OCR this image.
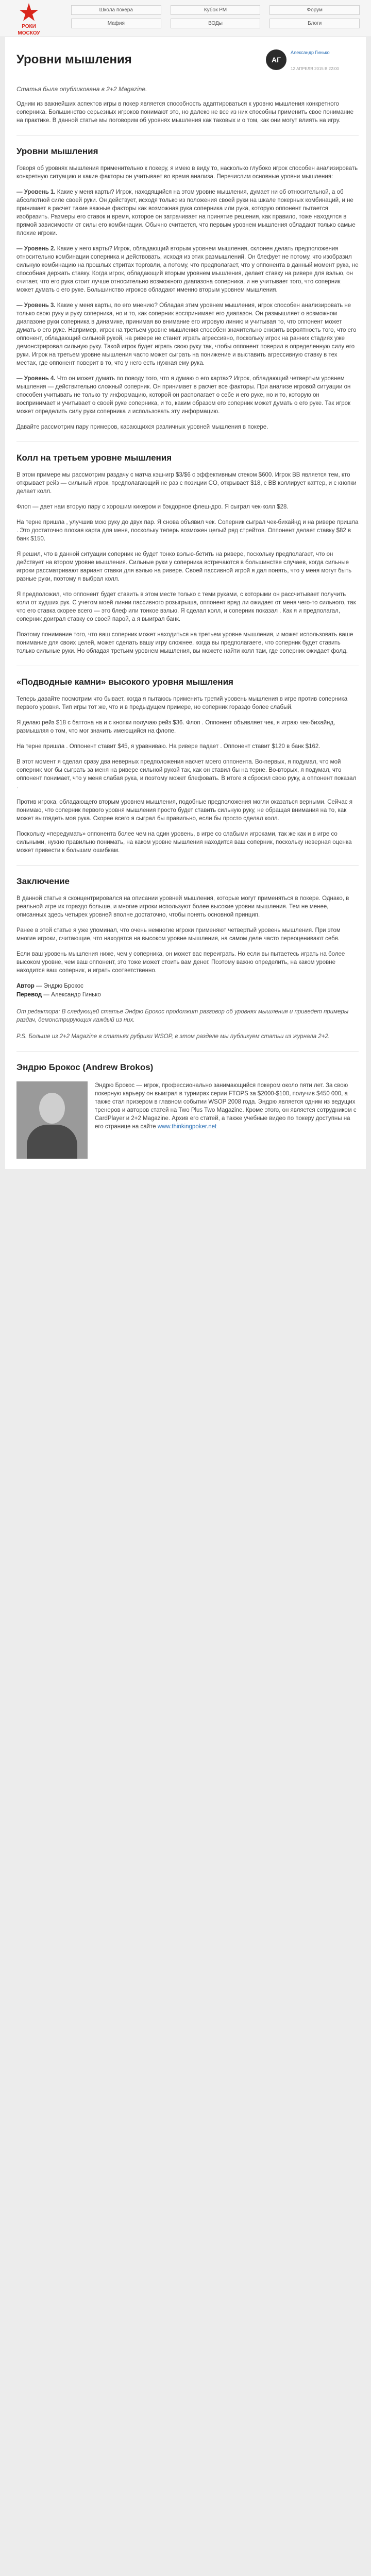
РОКИ
МОСКОУ
Школа покера	Кубок РМ	Форум
Мафия	ВОДы	Блоги
Уровни мышления	АГ
Александр Гинько
12 АПРЕЛЯ 2015 В 22:00
Статья была опубликована в 2+2 Magazine.

Одним из важнейших аспектов игры в покер является способность адаптироваться к уровню мышления конкретного соперника. Большинство серьезных игроков понимают это, но далеко не все из них способны применить свое понимание на практике. В данной статье мы поговорим об уровнях мышления как таковых и о том, как они могут влиять на игру.

Уровни мышления

Говоря об уровнях мышления применительно к покеру, я имею в виду то, насколько глубоко игрок способен анализировать конкретную ситуацию и какие факторы он учитывает во время анализа. Перечислим основные уровни мышления:

— Уровень 1. Какие у меня карты? Игрок, находящийся на этом уровне мышления, думает ни об относительной, а об абсолютной силе своей руки. Он действует, исходя только из положения своей руки на шкале покерных комбинаций, и не принимает в расчет такие важные факторы как возможная рука соперника или рука, которую оппонент пытается изобразить. Размеры его ставок и время, которое он затрачивает на принятие решения, как правило, тоже находятся в прямой зависимости от силы его комбинации. Обычно считается, что первым уровнем мышления обладают только самые плохие игроки.

— Уровень 2. Какие у него карты? Игрок, обладающий вторым уровнем мышления, склонен делать предположения относительно комбинации соперника и действовать, исходя из этих размышлений. Он блефует не потому, что изобразил сильную комбинацию на прошлых стритах торговли, а потому, что предполагает, что у оппонента в данный момент рука, не способная держать ставку. Когда игрок, обладающий вторым уровнем мышления, делает ставку на ривере для вэлью, он считает, что его рука стоит лучше относительно возможного диапазона соперника, и не учитывает того, что соперник может думать о его руке. Большинство игроков обладают именно вторым уровнем мышления.

— Уровень 3. Какие у меня карты, по его мнению? Обладая этим уровнем мышления, игрок способен анализировать не только свою руку и руку соперника, но и то, как соперник воспринимает его диапазон. Он размышляет о возможном диапазоне руки соперника в динамике, принимая во внимание его игровую линию и учитывая то, что оппонент может думать о его руке. Например, игрок на третьем уровне мышления способен значительно снизить вероятность того, что его оппонент, обладающий сильной рукой, на ривере не станет играть агрессивно, поскольку игрок на ранних стадиях уже демонстрировал сильную руку. Такой игрок будет играть свою руку так, чтобы оппонент поверил в определенную силу его руки. Игрок на третьем уровне мышления часто может сыграть на понижение и выставить агрессивную ставку в тех местах, где оппонент поверит в то, что у него есть нужная ему рука.

— Уровень 4. Что он может думать по поводу того, что я думаю о его картах? Игрок, обладающий четвертым уровнем мышления — действительно сложный соперник. Он принимает в расчет все факторы. При анализе игровой ситуации он способен учитывать не только ту информацию, которой он располагает о себе и его руке, но и то, которую он воспринимает и учитывает о своей руке соперника, и то, каким образом его соперник может думать о его руке. Так игрок может определить силу руки соперника и использовать эту информацию.

Давайте рассмотрим пару примеров, касающихся различных уровней мышления в покере.

Колл на третьем уровне мышления

В этом примере мы рассмотрим раздачу с матча кэш-игр $3/$6 с эффективным стеком $600. Игрок BB является тем, кто открывает рейз — сильный игрок, предполагающий не раз с позиции CO, открывает $18, с BB коллирует каттер, и с кнопки делает колл.

Флоп — дает нам вторую пару с хорошим кикером и бэкдорное флеш-дро. Я сыграл чек-колл $28.

На терне пришла , улучшив мою руку до двух пар. Я снова объявил чек. Соперник сыграл чек-бихайнд и на ривере пришла . Это достаточно плохая карта для меня, поскольку теперь возможен целый ряд стрейтов. Оппонент делает ставку $82 в банк $150.

Я решил, что в данной ситуации соперник не будет тонко вэлью-бетить на ривере, поскольку предполагает, что он действует на втором уровне мышления. Сильные руки у соперника встречаются в большинстве случаев, когда сильные игроки рассматривают вариант ставки для вэлью на ривере. Своей пассивной игрой я дал понять, что у меня могут быть разные руки, поэтому я выбрал колл.

Я предположил, что оппонент будет ставить в этом месте только с теми руками, с которыми он рассчитывает получить колл от худших рук. С учетом моей линии пассивного розыгрыша, оппонент вряд ли ожидает от меня чего-то сильного, так что его ставка скорее всего — это блеф или тонкое вэлью. Я сделал колл, и соперник показал . Как я и предполагал, соперник доиграл ставку со своей парой, а я выиграл банк.

Поэтому понимание того, что ваш соперник может находиться на третьем уровне мышления, и может использовать ваше понимание для своих целей, может сделать вашу игру сложнее, когда вы предполагаете, что соперник будет ставить только сильные руки. Но обладая третьим уровнем мышления, вы можете найти колл там, где соперник ожидает фолд.

«Подводные камни» высокого уровня мышления

Теперь давайте посмотрим что бывает, когда я пытаюсь применить третий уровень мышления в игре против соперника первого уровня. Тип игры тот же, что и в предыдущем примере, но соперник гораздо более слабый.

Я делаю рейз $18 с баттона на и с кнопки получаю рейз $36. Флоп . Оппонент объявляет чек, я играю чек-бихайнд, размышляя о том, что мог значить имеющийся на флопе.

На терне пришла . Оппонент ставит $45, я уравниваю. На ривере падает . Оппонент ставит $120 в банк $162.

В этот момент я сделал сразу два неверных предположения насчет моего оппонента. Во-первых, я подумал, что мой соперник мог бы сыграть за меня на ривере сильной рукой так, как он ставил бы на терне. Во-вторых, я подумал, что оппонент понимает, что у меня слабая рука, и поэтому может блефовать. В итоге я сбросил свою руку, а оппонент показал .

Против игрока, обладающего вторым уровнем мышления, подобные предположения могли оказаться верными. Сейчас я понимаю, что соперник первого уровня мышления просто будет ставить сильную руку, не обращая внимания на то, как может выглядеть моя рука. Скорее всего я сыграл бы правильно, если бы просто сделал колл.

Поскольку «передумать» оппонента более чем на один уровень, в игре со слабыми игроками, так же как и в игре со сильными, нужно правильно понимать, на каком уровне мышления находится ваш соперник, поскольку неверная оценка может привести к большим ошибкам.

Заключение

В данной статье я сконцентрировался на описании уровней мышления, которые могут применяться в покере. Однако, в реальной игре их гораздо больше, и многие игроки используют более высокие уровни мышления. Тем не менее, описанных здесь четырех уровней вполне достаточно, чтобы понять основной принцип.

Ранее в этой статье я уже упоминал, что очень немногие игроки применяют четвертый уровень мышления. При этом многие игроки, считающие, что находятся на высоком уровне мышления, на самом деле часто переоценивают себя.

Если ваш уровень мышления ниже, чем у соперника, он может вас переиграть. Но если вы пытаетесь играть на более высоком уровне, чем ваш оппонент, это тоже может стоить вам денег. Поэтому важно определить, на каком уровне находится ваш соперник, и играть соответственно.

Автор — Эндрю Брокос
Перевод — Александр Гинько
От редактора: В следующей статье Эндрю Брокос продолжит разговор об уровнях мышления и приведет примеры раздач, демонстрирующих каждый из них.
P.S. Больше из 2+2 Magazine в статьях рубрики WSOP, в этом разделе мы публикуем статьи из журнала 2+2.
Эндрю Брокос (Andrew Brokos)
Эндрю Брокос — игрок, профессионально занимающийся покером около пяти лет. За свою покерную карьеру он выиграл в турнирах серии FTOPS за $2000-$100, получив $450 000, а также стал призером в главном событии WSOP 2008 года. Эндрю является одним из ведущих тренеров и авторов статей на Two Plus Two Magazine. Кроме этого, он является сотрудником с CardPlayer и 2+2 Magazine. Архив его статей, а также учебные видео по покеру доступны на его странице на сайте www.thinkingpoker.net
